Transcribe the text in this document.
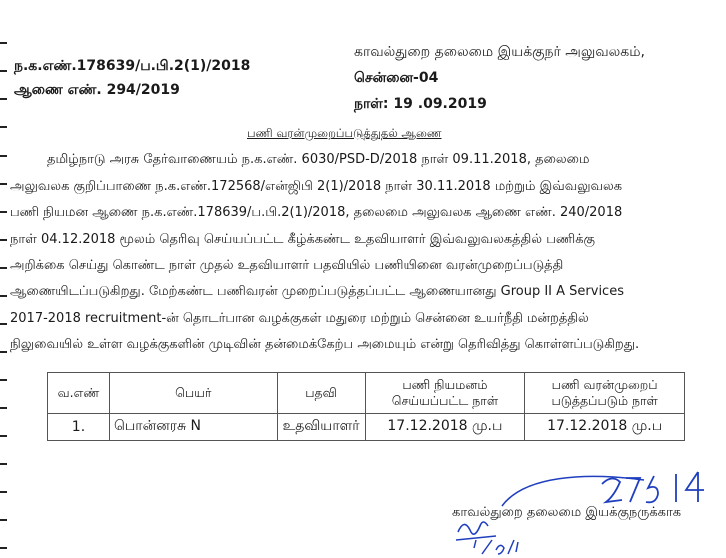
ந.க.எண்.178639/ப.பி.2(1)/2018
ஆணை எண். 294/2019
காவல்துறை தலைமை இயக்குநர் அலுவலகம்,
சென்னை-04
நாள்: 19 .09.2019
பணி வரன்முறைப்படுத்துதல் ஆணை
தமிழ்நாடு அரசு தேர்வாணையம் ந.க.எண். 6030/PSD-D/2018 நாள் 09.11.2018, தலைமை
அலுவலக குறிப்பாணை ந.க.எண்.172568/என்ஜிபி 2(1)/2018 நாள் 30.11.2018 மற்றும் இவ்வலுவலக
பணி நியமன ஆணை ந.க.எண்.178639/ப.பி.2(1)/2018, தலைமை அலுவலக ஆணை எண். 240/2018
நாள் 04.12.2018 மூலம் தெரிவு செய்யப்பட்ட கீழ்க்கண்ட உதவியாளர் இவ்வலுவலகத்தில் பணிக்கு
அறிக்கை செய்து கொண்ட நாள் முதல் உதவியாளர் பதவியில் பணியினை வரன்முறைப்படுத்தி
ஆணையிடப்படுகிறது. மேற்கண்ட பணிவரன் முறைப்படுத்தப்பட்ட ஆணையானது Group II A Services
2017-2018 recruitment-ன் தொடர்பான வழக்குகள் மதுரை மற்றும் சென்னை உயர்நீதி மன்றத்தில்
நிலுவையில் உள்ள வழக்குகளின் முடிவின் தன்மைக்கேற்ப அமையும் என்று தெரிவித்து கொள்ளப்படுகிறது.
வ.எண்	பெயர்	பதவி	பணி நியமனம் செய்யப்பட்ட நாள்	பணி வரன்முறைப் படுத்தப்படும் நாள்
1.	பொன்னரசு N	உதவியாளர்	17.12.2018 மு.ப	17.12.2018 மு.ப
காவல்துறை தலைமை இயக்குநருக்காக
